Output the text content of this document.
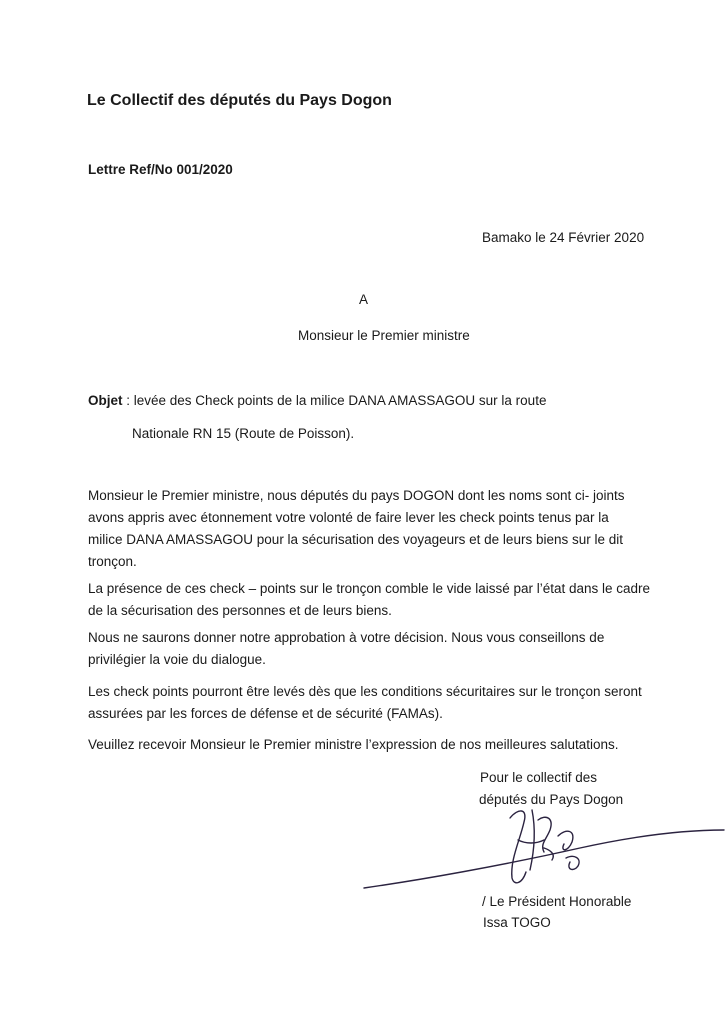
Le Collectif des députés du Pays Dogon
Lettre Ref/No 001/2020
Bamako le 24 Février 2020
A
Monsieur le Premier ministre
Objet : levée des Check points de la milice DANA AMASSAGOU sur la route
Nationale RN 15 (Route de Poisson).
Monsieur le Premier ministre, nous députés du pays DOGON dont les noms sont ci- joints
avons appris avec étonnement votre volonté de faire lever les check points tenus par la
milice DANA AMASSAGOU pour la sécurisation des voyageurs et de leurs biens sur le dit
tronçon.
La présence de ces check – points sur le tronçon comble le vide laissé par l’état dans le cadre
de la sécurisation des personnes et de leurs biens.
Nous ne saurons donner notre approbation à votre décision. Nous vous conseillons de
privilégier la voie du dialogue.
Les check points pourront être levés dès que les conditions sécuritaires sur le tronçon seront
assurées par les forces de défense et de sécurité (FAMAs).
Veuillez recevoir Monsieur le Premier ministre l’expression de nos meilleures salutations.
Pour le collectif des
députés du Pays Dogon
/ Le Président Honorable
Issa TOGO
